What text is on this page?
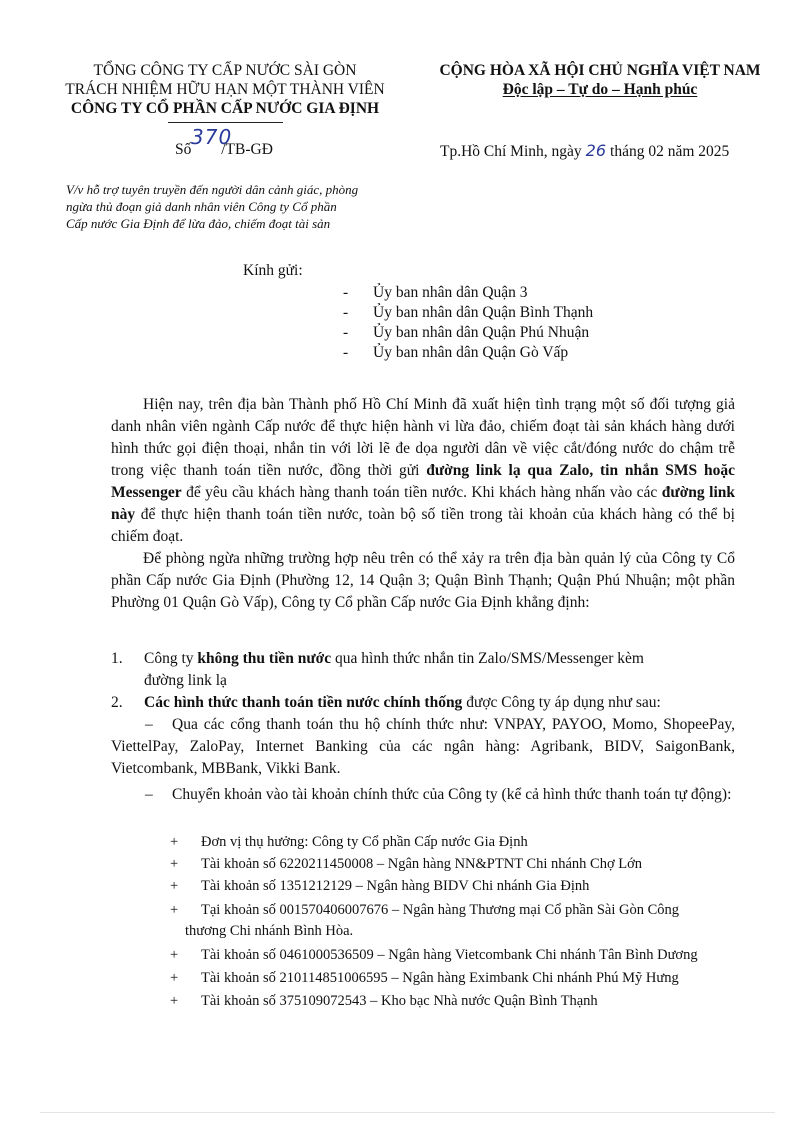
TỔNG CÔNG TY CẤP NƯỚC SÀI GÒN
TRÁCH NHIỆM HỮU HẠN MỘT THÀNH VIÊN
CÔNG TY CỔ PHẦN CẤP NƯỚC GIA ĐỊNH
CỘNG HÒA XÃ HỘI CHỦ NGHĨA VIỆT NAM
Độc lập – Tự do – Hạnh phúc
Số
370
/TB-GĐ	Tp.Hồ Chí Minh, ngày 26 tháng 02 năm 2025
V/v hỗ trợ tuyên truyền đến người dân cảnh giác, phòng
ngừa thủ đoạn giả danh nhân viên Công ty Cổ phần
Cấp nước Gia Định để lừa đảo, chiếm đoạt tài sản
Kính gửi:
- Ủy ban nhân dân Quận 3
- Ủy ban nhân dân Quận Bình Thạnh
- Ủy ban nhân dân Quận Phú Nhuận
- Ủy ban nhân dân Quận Gò Vấp
Hiện nay, trên địa bàn Thành phố Hồ Chí Minh đã xuất hiện tình trạng một số đối tượng giả danh nhân viên ngành Cấp nước để thực hiện hành vi lừa đảo, chiếm đoạt tài sản khách hàng dưới hình thức gọi điện thoại, nhắn tin với lời lẽ đe dọa người dân về việc cắt/đóng nước do chậm trễ trong việc thanh toán tiền nước, đồng thời gửi đường link lạ qua Zalo, tin nhắn SMS hoặc Messenger để yêu cầu khách hàng thanh toán tiền nước. Khi khách hàng nhấn vào các đường link này để thực hiện thanh toán tiền nước, toàn bộ số tiền trong tài khoản của khách hàng có thể bị chiếm đoạt.
Để phòng ngừa những trường hợp nêu trên có thể xảy ra trên địa bàn quản lý của Công ty Cổ phần Cấp nước Gia Định (Phường 12, 14 Quận 3; Quận Bình Thạnh; Quận Phú Nhuận; một phần Phường 01 Quận Gò Vấp), Công ty Cổ phần Cấp nước Gia Định khẳng định:
1. Công ty không thu tiền nước qua hình thức nhắn tin Zalo/SMS/Messenger kèm
đường link lạ
2. Các hình thức thanh toán tiền nước chính thống được Công ty áp dụng như sau:
– Qua các cổng thanh toán thu hộ chính thức như: VNPAY, PAYOO, Momo, ShopeePay, ViettelPay, ZaloPay, Internet Banking của các ngân hàng: Agribank, BIDV, SaigonBank, Vietcombank, MBBank, Vikki Bank.
– Chuyển khoản vào tài khoản chính thức của Công ty (kể cả hình thức thanh toán tự động):
+ Đơn vị thụ hưởng: Công ty Cổ phần Cấp nước Gia Định
+ Tài khoản số 6220211450008 – Ngân hàng NN&PTNT Chi nhánh Chợ Lớn
+ Tài khoản số 1351212129 – Ngân hàng BIDV Chi nhánh Gia Định
+ Tại khoản số 001570406007676 – Ngân hàng Thương mại Cổ phần Sài Gòn Công
thương Chi nhánh Bình Hòa.
+ Tài khoản số 0461000536509 – Ngân hàng Vietcombank Chi nhánh Tân Bình Dương
+ Tài khoản số 210114851006595 – Ngân hàng Eximbank Chi nhánh Phú Mỹ Hưng
+ Tài khoản số 375109072543 – Kho bạc Nhà nước Quận Bình Thạnh
